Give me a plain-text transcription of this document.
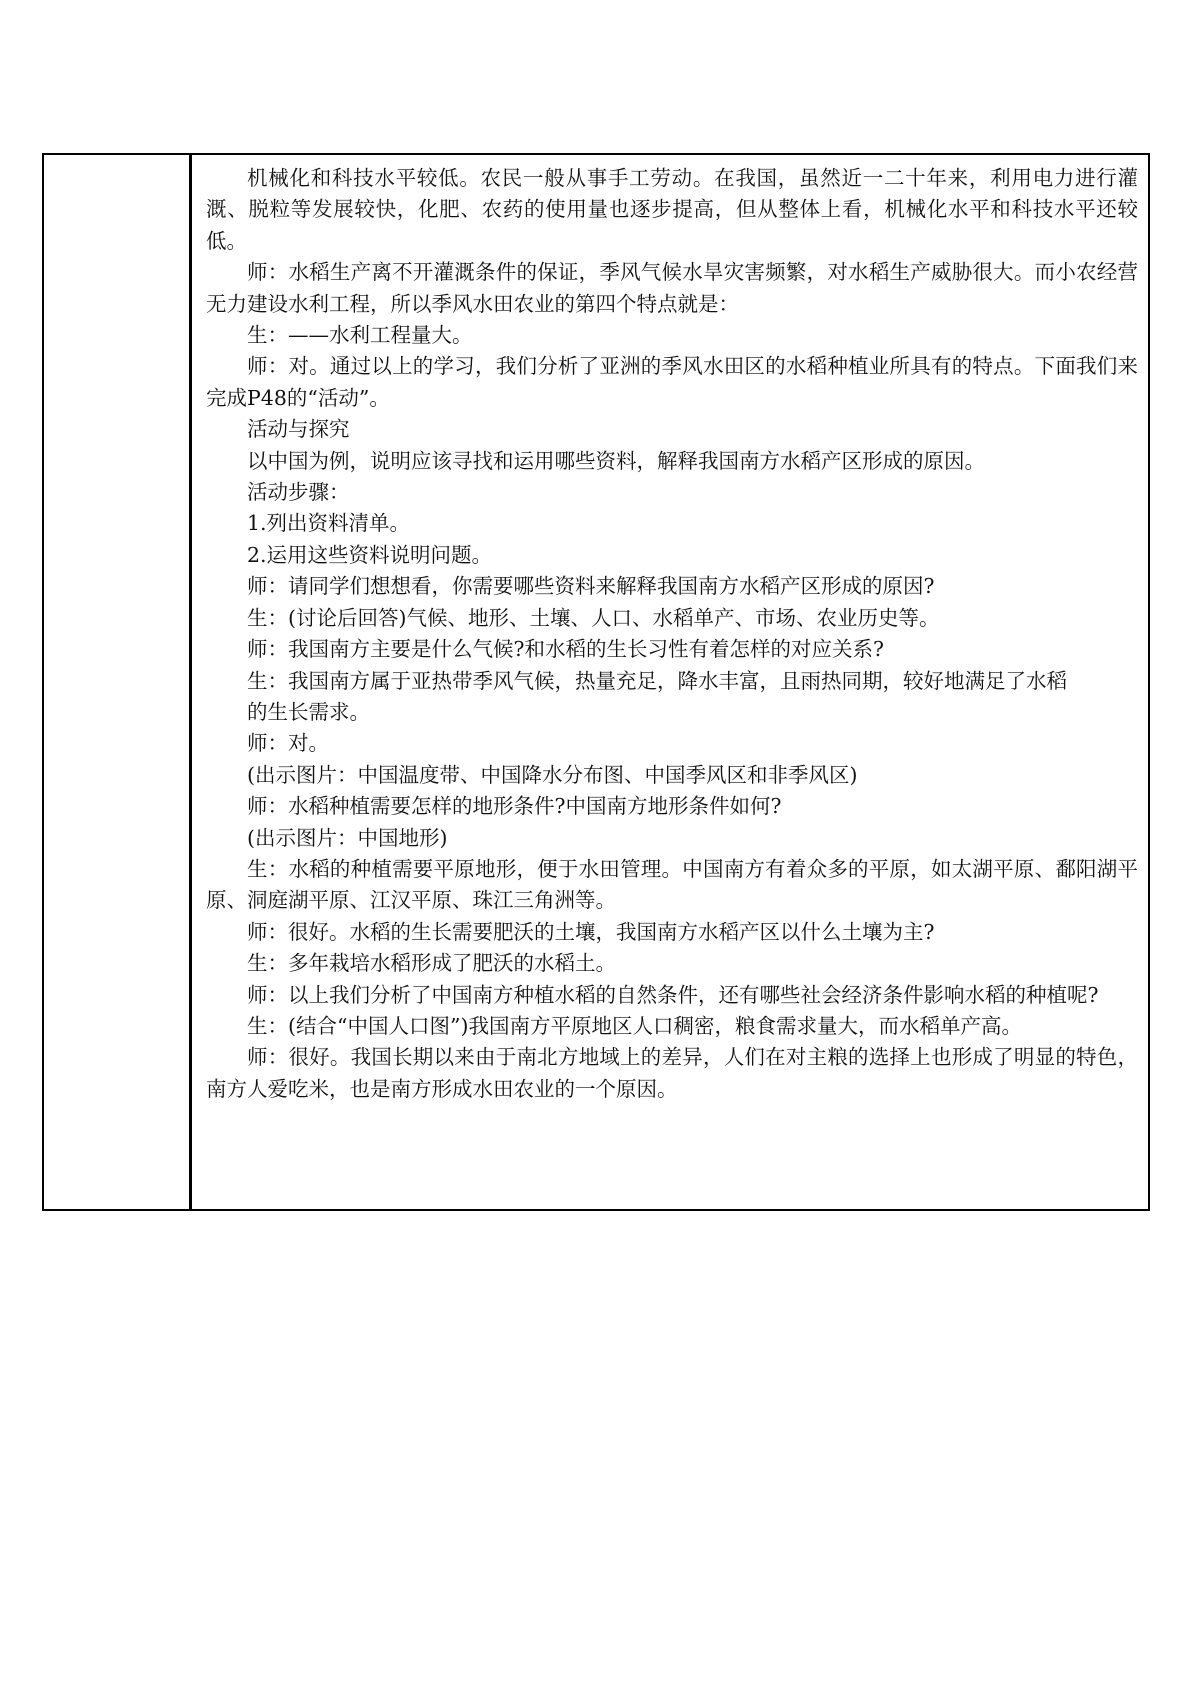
机械化和科技水平较低。农民一般从事手工劳动。在我国，虽然近一二十年来，利用电力进行灌溉、脱粒等发展较快，化肥、农药的使用量也逐步提高，但从整体上看，机械化水平和科技水平还较低。

师：水稻生产离不开灌溉条件的保证，季风气候水旱灾害频繁，对水稻生产威胁很大。而小农经营无力建设水利工程，所以季风水田农业的第四个特点就是：

生：——水利工程量大。

师：对。通过以上的学习，我们分析了亚洲的季风水田区的水稻种植业所具有的特点。下面我们来完成P48的“活动”。

活动与探究

以中国为例，说明应该寻找和运用哪些资料，解释我国南方水稻产区形成的原因。

活动步骤：

1.列出资料清单。

2.运用这些资料说明问题。

师：请同学们想想看，你需要哪些资料来解释我国南方水稻产区形成的原因?

生：(讨论后回答)气候、地形、土壤、人口、水稻单产、市场、农业历史等。

师：我国南方主要是什么气候?和水稻的生长习性有着怎样的对应关系?

生：我国南方属于亚热带季风气候，热量充足，降水丰富，且雨热同期，较好地满足了水稻

的生长需求。

师：对。

(出示图片：中国温度带、中国降水分布图、中国季风区和非季风区)

师：水稻种植需要怎样的地形条件?中国南方地形条件如何?

(出示图片：中国地形)

生：水稻的种植需要平原地形，便于水田管理。中国南方有着众多的平原，如太湖平原、鄱阳湖平原、洞庭湖平原、江汉平原、珠江三角洲等。

师：很好。水稻的生长需要肥沃的土壤，我国南方水稻产区以什么土壤为主?

生：多年栽培水稻形成了肥沃的水稻土。

师：以上我们分析了中国南方种植水稻的自然条件，还有哪些社会经济条件影响水稻的种植呢?

生：(结合“中国人口图”)我国南方平原地区人口稠密，粮食需求量大，而水稻单产高。

师：很好。我国长期以来由于南北方地域上的差异，人们在对主粮的选择上也形成了明显的特色，南方人爱吃米，也是南方形成水田农业的一个原因。
